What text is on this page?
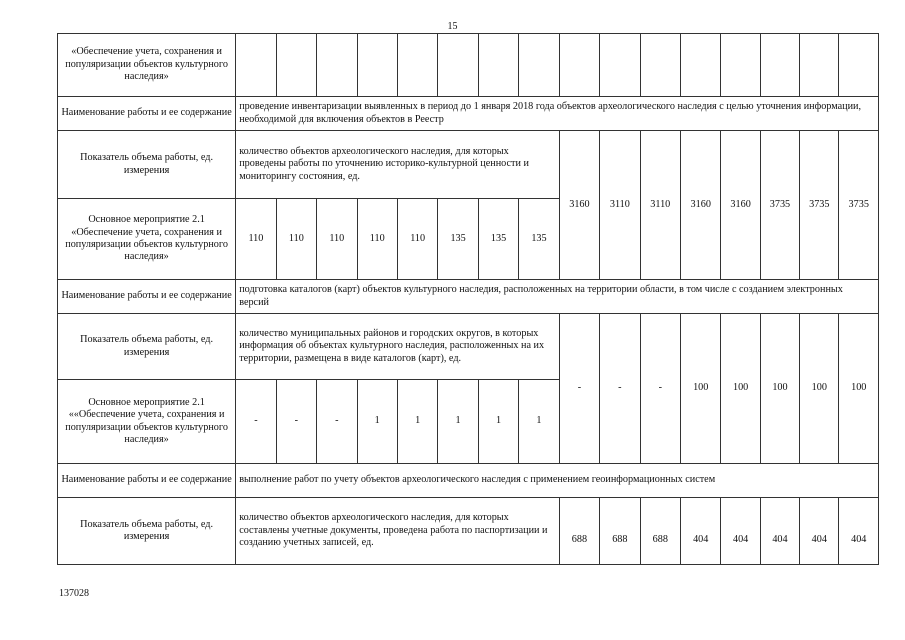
15
«Обеспечение учета, сохранения и популяризации объектов культурного наследия»																
Наименование работы и ее содержание	проведение инвентаризации выявленных в период до 1 января 2018 года объектов археологического наследия с целью уточнения информации, необходимой для включения объектов в Реестр															
Показатель объема работы, ед. измерения	количество объектов археологического наследия, для которых проведены работы по уточнению историко-культурной ценности и мониторингу состояния, ед.								3160	3110	3110	3160	3160	3735	3735	3735
Основное мероприятие 2.1 «Обеспечение учета, сохранения и популяризации объектов культурного наследия»	110	110	110	110	110	135	135	135								
Наименование работы и ее содержание	подготовка каталогов (карт) объектов культурного наследия, расположенных на территории области, в том числе с созданием электронных версий															
Показатель объема работы, ед. измерения	количество муниципальных районов и городских округов, в которых информация об объектах культурного наследия, расположенных на их территории, размещена в виде каталогов (карт), ед.								-	-	-	100	100	100	100	100
Основное мероприятие 2.1 ««Обеспечение учета, сохранения и популяризации объектов культурного наследия»	-	-	-	1	1	1	1	1								
Наименование работы и ее содержание	выполнение работ по учету объектов археологического наследия с применением геоинформационных систем															
Показатель объема работы, ед. измерения	количество объектов археологического наследия, для которых составлены учетные документы, проведена работа по паспортизации и созданию учетных записей, ед.								688	688	688	404	404	404	404	404
137028
